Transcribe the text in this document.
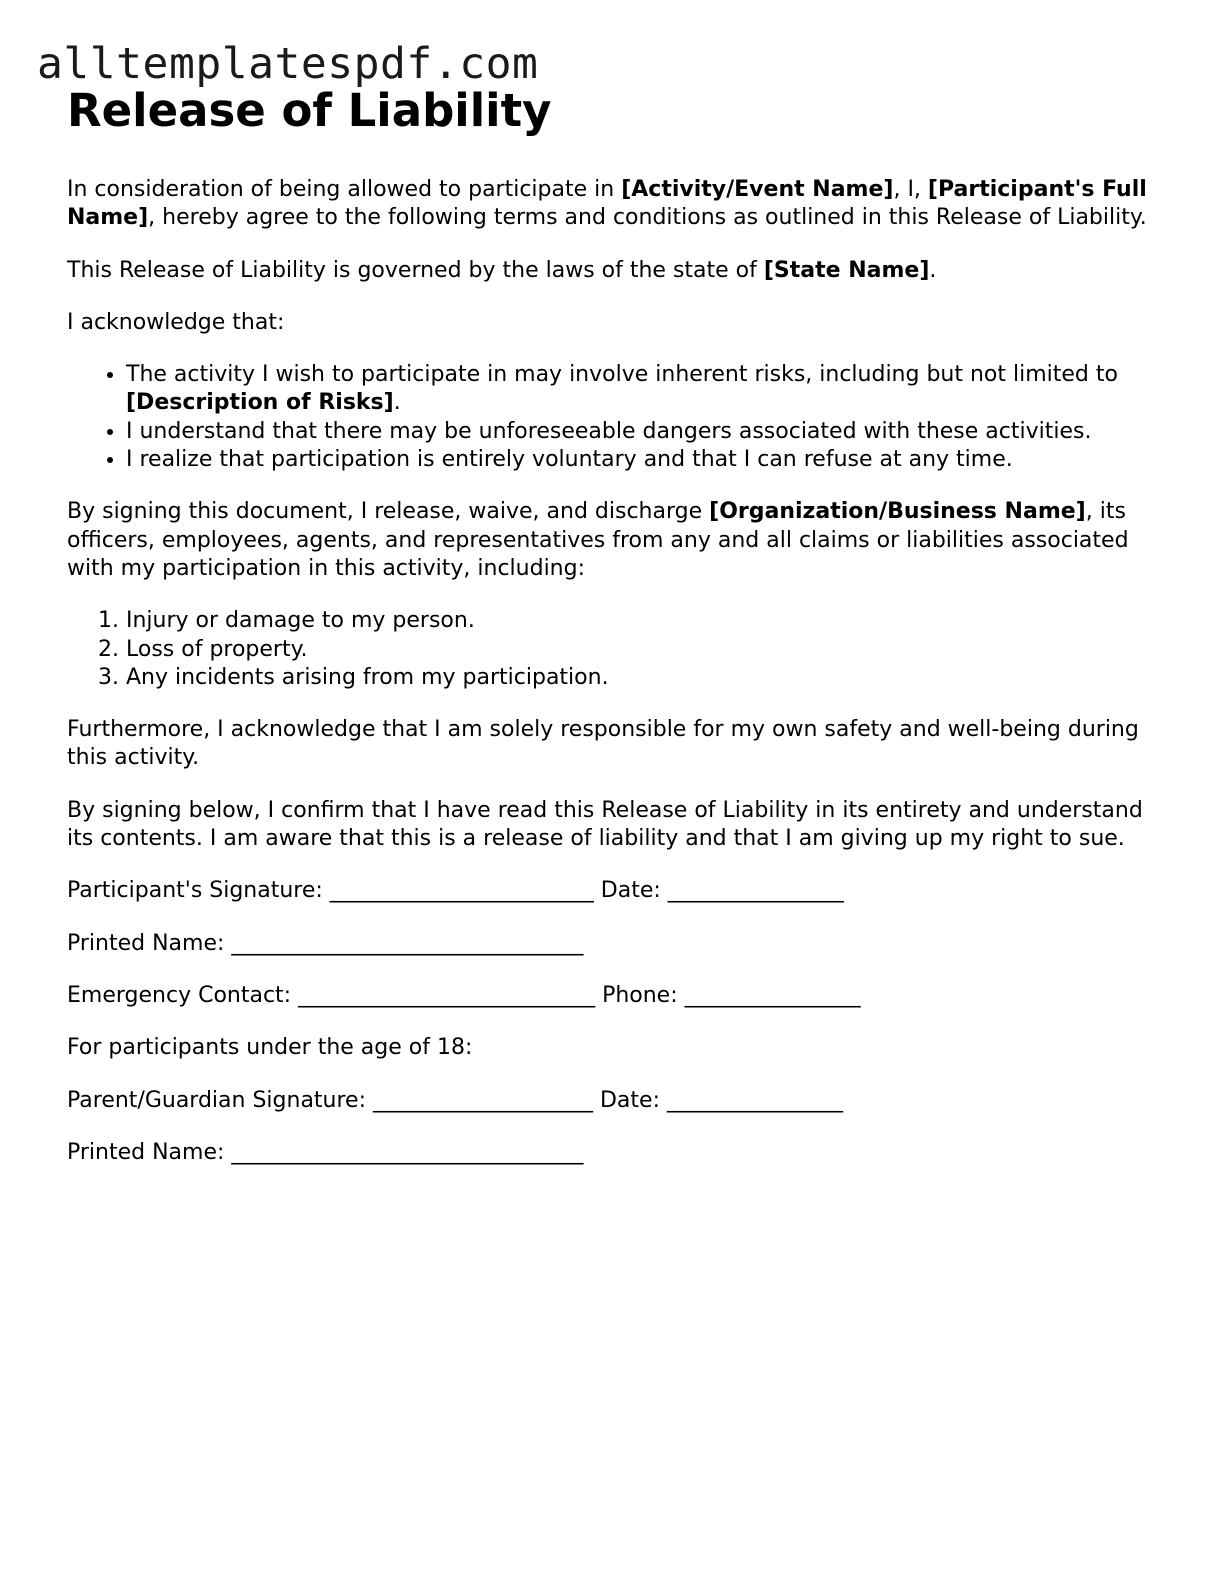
alltemplatespdf.com
Release of Liability

In consideration of being allowed to participate in [Activity/Event Name], I, [Participant's Full Name], hereby agree to the following terms and conditions as outlined in this Release of Liability.

This Release of Liability is governed by the laws of the state of [State Name].

I acknowledge that:

• The activity I wish to participate in may involve inherent risks, including but not limited to [Description of Risks].
• I understand that there may be unforeseeable dangers associated with these activities.
• I realize that participation is entirely voluntary and that I can refuse at any time.

By signing this document, I release, waive, and discharge [Organization/Business Name], its officers, employees, agents, and representatives from any and all claims or liabilities associated with my participation in this activity, including:

1. Injury or damage to my person.
2. Loss of property.
3. Any incidents arising from my participation.

Furthermore, I acknowledge that I am solely responsible for my own safety and well-being during this activity.

By signing below, I confirm that I have read this Release of Liability in its entirety and understand its contents. I am aware that this is a release of liability and that I am giving up my right to sue.

Participant's Signature: ________________________ Date: ________________

Printed Name: ________________________________

Emergency Contact: ___________________________ Phone: ________________

For participants under the age of 18:

Parent/Guardian Signature: ____________________ Date: ________________

Printed Name: ________________________________
